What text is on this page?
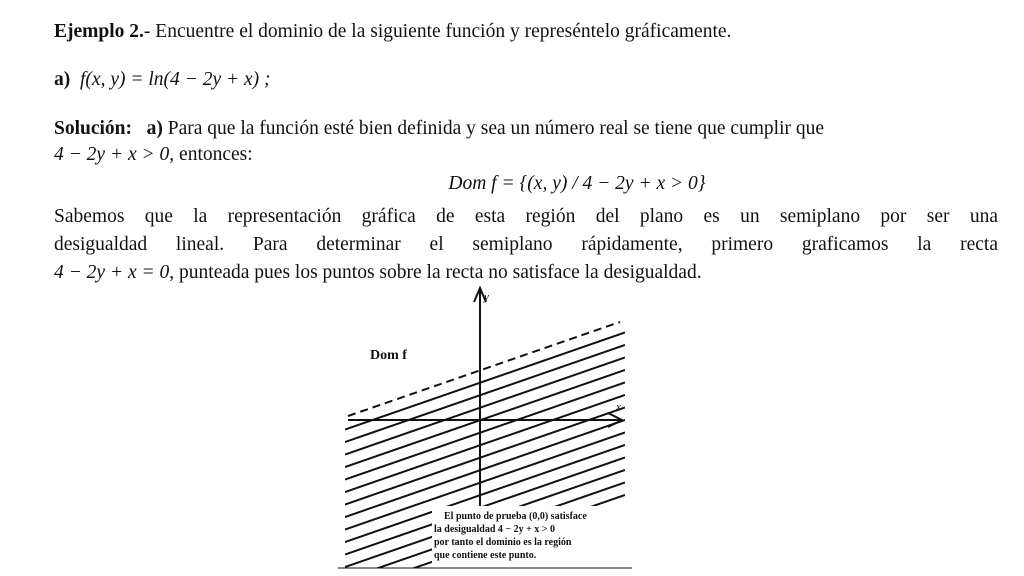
Ejemplo 2.- Encuentre el dominio de la siguiente función y represéntelo gráficamente.
a) f(x, y) = ln(4 − 2y + x) ;
Solución: a) Para que la función esté bien definida y sea un número real se tiene que cumplir que
4 − 2y + x > 0, entonces:
Dom f = {(x, y) / 4 − 2y + x > 0}
Sabemos que la representación gráfica de esta región del plano es un semiplano por ser una
desigualdad lineal. Para determinar el semiplano rápidamente, primero graficamos la recta
4 − 2y + x = 0, punteada pues los puntos sobre la recta no satisface la desigualdad.
y
x
Dom f
El punto de prueba (0,0) satisface
la desigualdad 4 − 2y + x > 0
por tanto el dominio es la región
que contiene este punto.
